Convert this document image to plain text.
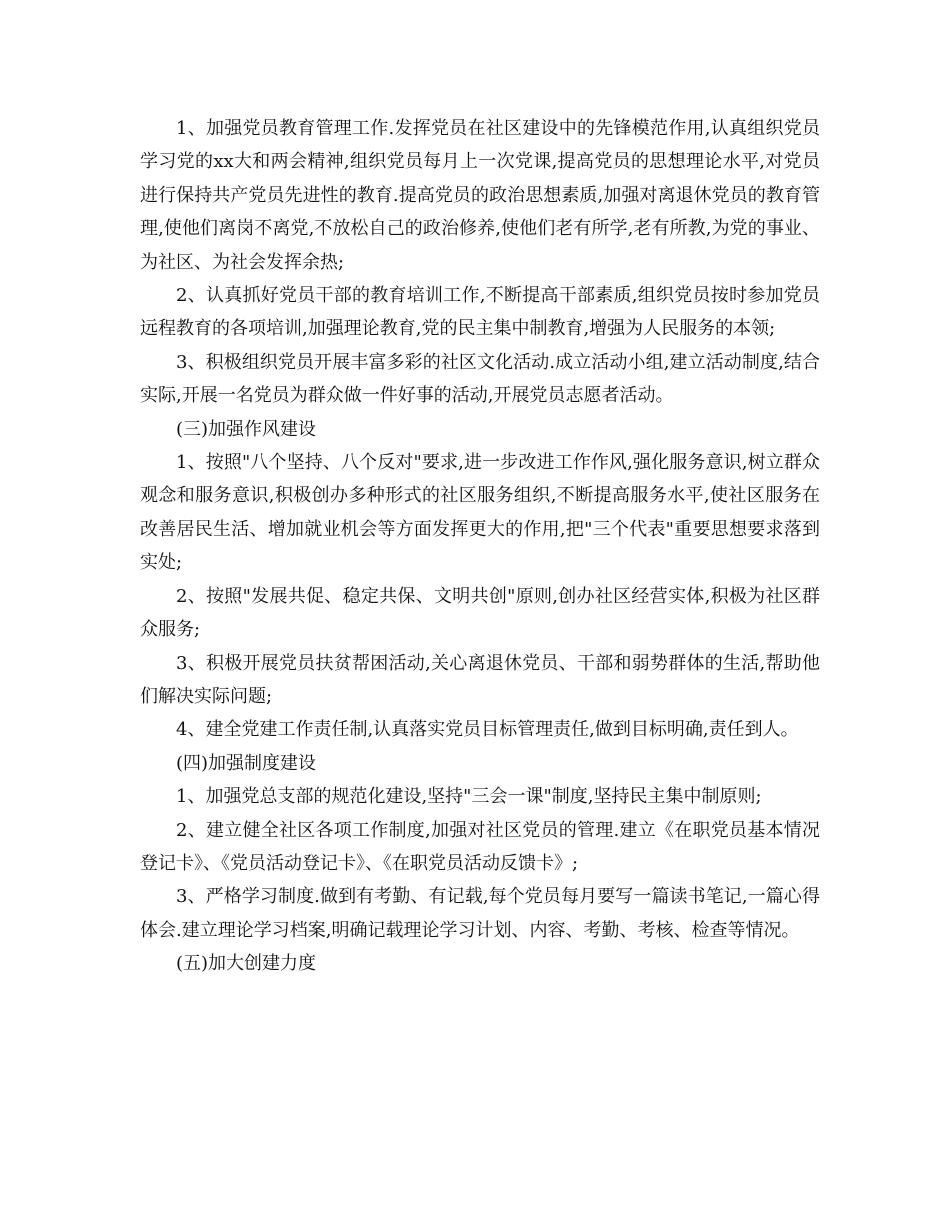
1、加强党员教育管理工作.发挥党员在社区建设中的先锋模范作用,认真组织党员学习党的xx大和两会精神,组织党员每月上一次党课,提高党员的思想理论水平,对党员进行保持共产党员先进性的教育.提高党员的政治思想素质,加强对离退休党员的教育管理,使他们离岗不离党,不放松自己的政治修养,使他们老有所学,老有所教,为党的事业、为社区、为社会发挥余热;

2、认真抓好党员干部的教育培训工作,不断提高干部素质,组织党员按时参加党员远程教育的各项培训,加强理论教育,党的民主集中制教育,增强为人民服务的本领;

3、积极组织党员开展丰富多彩的社区文化活动.成立活动小组,建立活动制度,结合实际,开展一名党员为群众做一件好事的活动,开展党员志愿者活动。

(三)加强作风建设

1、按照"八个坚持、八个反对"要求,进一步改进工作作风,强化服务意识,树立群众观念和服务意识,积极创办多种形式的社区服务组织,不断提高服务水平,使社区服务在改善居民生活、增加就业机会等方面发挥更大的作用,把"三个代表"重要思想要求落到实处;

2、按照"发展共促、稳定共保、文明共创"原则,创办社区经营实体,积极为社区群众服务;

3、积极开展党员扶贫帮困活动,关心离退休党员、干部和弱势群体的生活,帮助他们解决实际问题;

4、建全党建工作责任制,认真落实党员目标管理责任,做到目标明确,责任到人。

(四)加强制度建设

1、加强党总支部的规范化建设,坚持"三会一课"制度,坚持民主集中制原则;

2、建立健全社区各项工作制度,加强对社区党员的管理.建立《在职党员基本情况登记卡》、《党员活动登记卡》、《在职党员活动反馈卡》;

3、严格学习制度.做到有考勤、有记载,每个党员每月要写一篇读书笔记,一篇心得体会.建立理论学习档案,明确记载理论学习计划、内容、考勤、考核、检查等情况。

(五)加大创建力度
